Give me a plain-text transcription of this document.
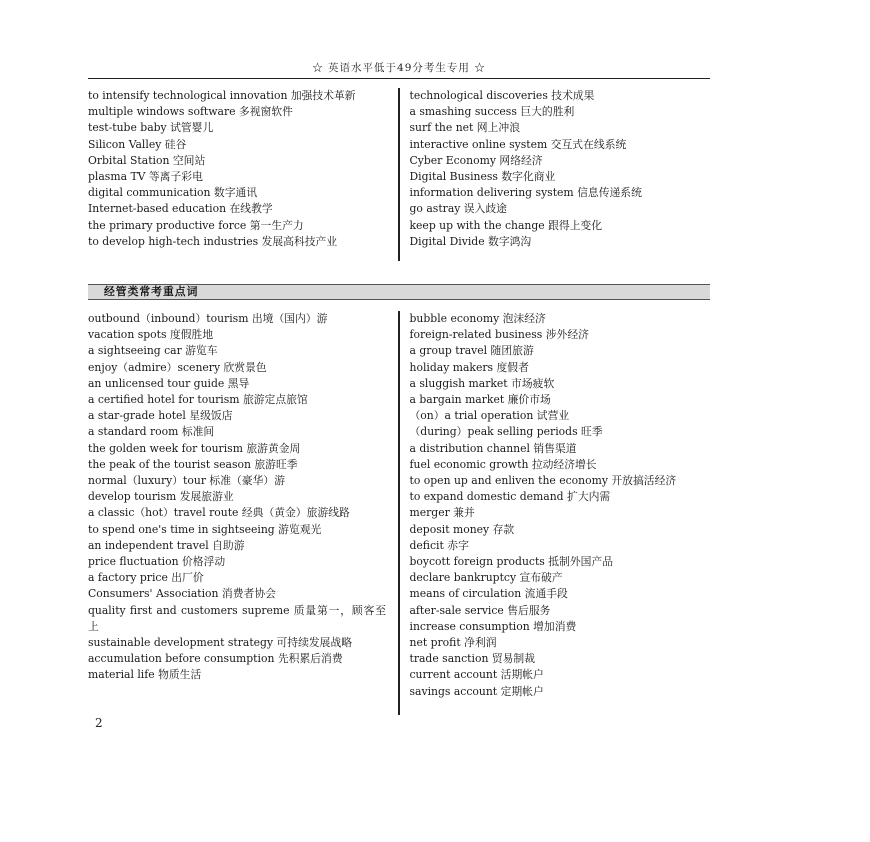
☆ 英语水平低于49分考生专用 ☆
to intensify technological innovation 加强技术革新
multiple windows software 多视窗软件
test-tube baby 试管婴儿
Silicon Valley 硅谷
Orbital Station 空间站
plasma TV 等离子彩电
digital communication 数字通讯
Internet-based education 在线教学
the primary productive force 第一生产力
to develop high-tech industries 发展高科技产业
technological discoveries 技术成果
a smashing success 巨大的胜利
surf the net 网上冲浪
interactive online system 交互式在线系统
Cyber Economy 网络经济
Digital Business 数字化商业
information delivering system 信息传递系统
go astray 误入歧途
keep up with the change 跟得上变化
Digital Divide 数字鸿沟
经管类常考重点词
outbound（inbound）tourism 出境（国内）游
vacation spots 度假胜地
a sightseeing car 游览车
enjoy（admire）scenery 欣赏景色
an unlicensed tour guide 黑导
a certified hotel for tourism 旅游定点旅馆
a star-grade hotel 星级饭店
a standard room 标准间
the golden week for tourism 旅游黄金周
the peak of the tourist season 旅游旺季
normal（luxury）tour 标准（豪华）游
develop tourism 发展旅游业
a classic（hot）travel route 经典（黄金）旅游线路
to spend one's time in sightseeing 游览观光
an independent travel 自助游
price fluctuation 价格浮动
a factory price 出厂价
Consumers' Association 消费者协会
quality first and customers supreme 质量第一，顾客至上
sustainable development strategy 可持续发展战略
accumulation before consumption 先积累后消费
material life 物质生活
bubble economy 泡沫经济
foreign-related business 涉外经济
a group travel 随团旅游
holiday makers 度假者
a sluggish market 市场疲软
a bargain market 廉价市场
（on）a trial operation 试营业
（during）peak selling periods 旺季
a distribution channel 销售渠道
fuel economic growth 拉动经济增长
to open up and enliven the economy 开放搞活经济
to expand domestic demand 扩大内需
merger 兼并
deposit money 存款
deficit 赤字
boycott foreign products 抵制外国产品
declare bankruptcy 宣布破产
means of circulation 流通手段
after-sale service 售后服务
increase consumption 增加消费
net profit 净利润
trade sanction 贸易制裁
current account 活期帐户
savings account 定期帐户
2
